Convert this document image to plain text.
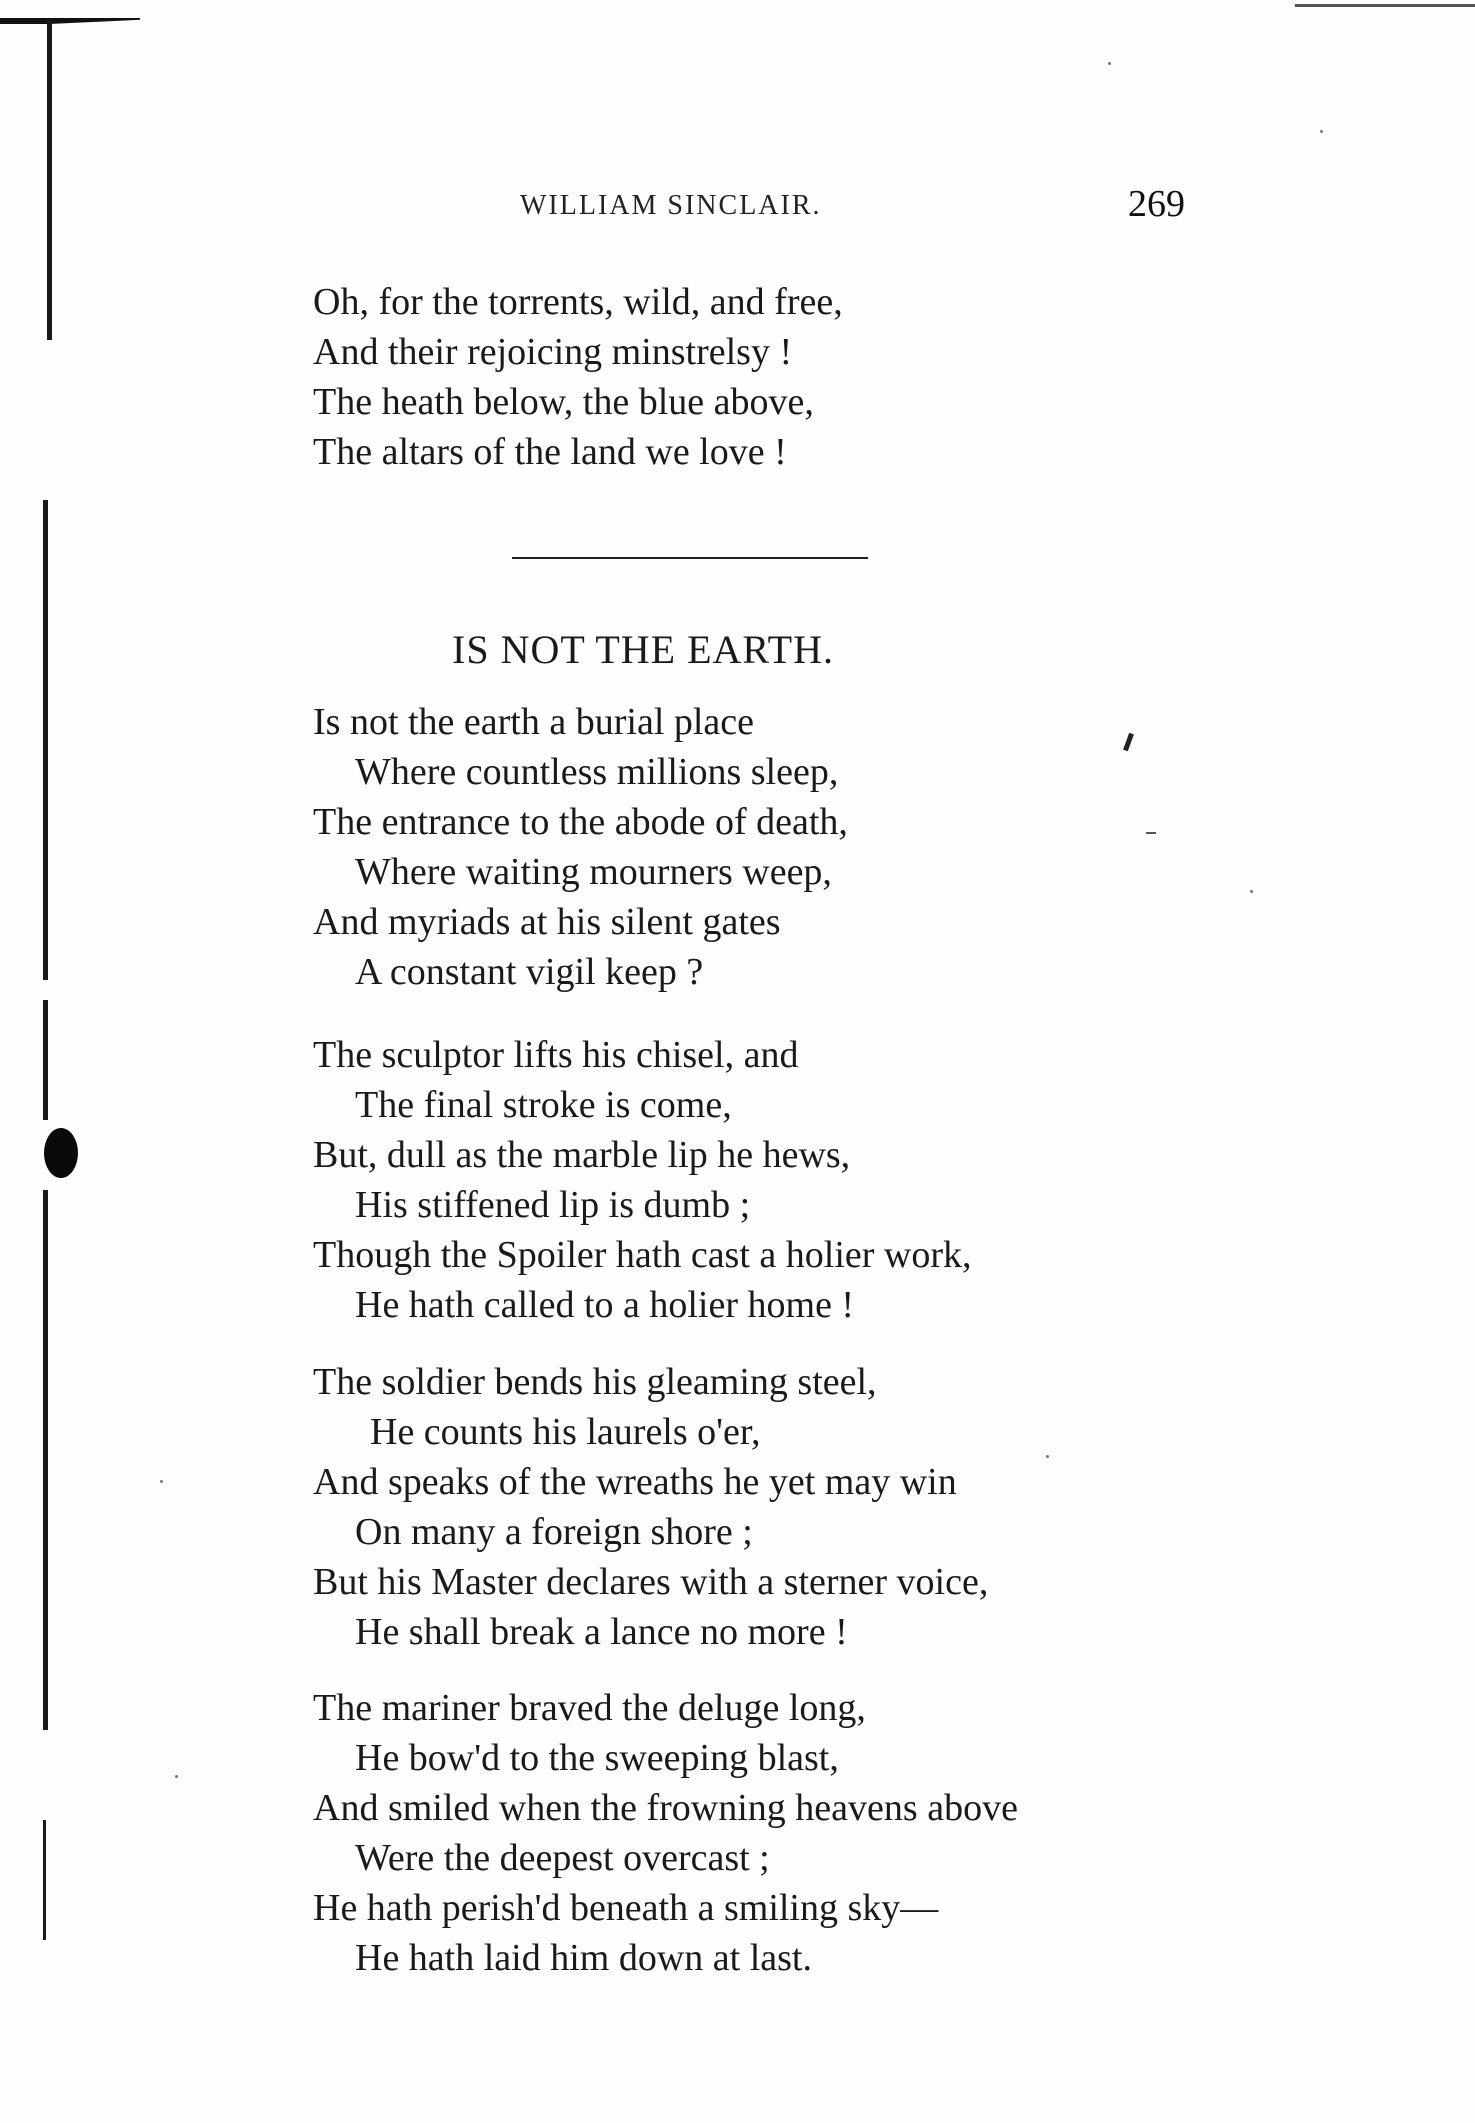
WILLIAM SINCLAIR.	269
Oh, for the torrents, wild, and free,
And their rejoicing minstrelsy !
The heath below, the blue above,
The altars of the land we love !
IS NOT THE EARTH.
Is not the earth a burial place
Where countless millions sleep,
The entrance to the abode of death,
Where waiting mourners weep,
And myriads at his silent gates
A constant vigil keep ?
The sculptor lifts his chisel, and
The final stroke is come,
But, dull as the marble lip he hews,
His stiffened lip is dumb ;
Though the Spoiler hath cast a holier work,
He hath called to a holier home !
The soldier bends his gleaming steel,
He counts his laurels o'er,
And speaks of the wreaths he yet may win
On many a foreign shore ;
But his Master declares with a sterner voice,
He shall break a lance no more !
The mariner braved the deluge long,
He bow'd to the sweeping blast,
And smiled when the frowning heavens above
Were the deepest overcast ;
He hath perish'd beneath a smiling sky—
He hath laid him down at last.
